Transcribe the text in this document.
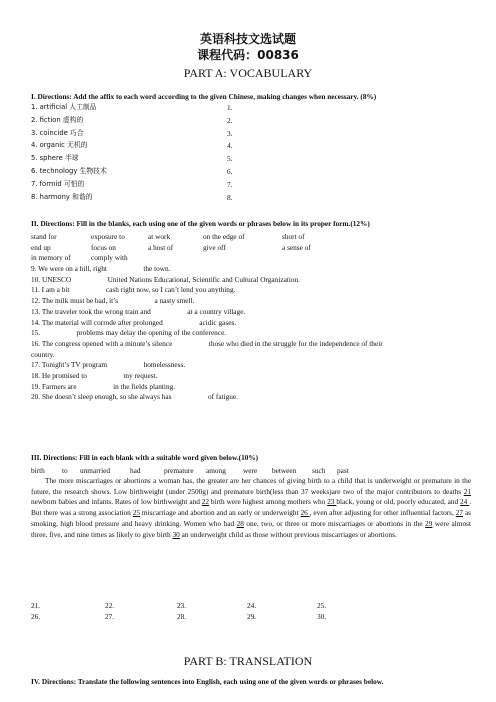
英语科技文选试题
课程代码：00836
PART A: VOCABULARY
I. Directions: Add the affix to each word according to the given Chinese, making changes when necessary. (8%)
1. artificial 人工制品	1.
2. fiction 虚构的	2.
3. coincide 巧合	3.
4. organic 无机的	4.
5. sphere 半球	5.
6. technology 生物技术	6.
7. formid 可怕的	7.
8. harmony 和谐的	8.
II. Directions: Fill in the blanks, each using one of the given words or phrases below in its proper form.(12%)
stand for	exposure to	at work	on the edge of	short of
end up	focus on	a host of	give off	a sense of
in memory of	comply with
9. We were on a hill, right                    the town.
10. UNESCO                    United Nations Educational, Scientific and Cultural Organization.
11. I am a bit                    cash right now, so I can’t lend you anything.
12. The milk must be bad, it’s                    a nasty smell.
13. The traveler took the wrong train and                    at a country village.
14. The material will corrode after prolonged                    acidic gases.
15.                    problems may delay the opening of the conference.
16. The congress opened with a minute’s silence                    those who died in the struggle for the independence of their
country.
17. Tonight’s TV program                    homelessness.
18. He promised to                    my request.
19. Farmers are                    in the fields planting.
20. She doesn’t sleep enough, so she always has                    of fatigue.
III. Directions: Fill in each blank with a suitable word given below.(10%)
birth to unmarried	had	premature among were between such past
The more miscarriages or abortions a woman has, the greater are her chances of giving birth to a child that is underweight or premature in the future, the research shows. Low birthweight (under 2500g) and premature birth(less than 37 weeks)are two of the major contributors to deaths 21 newborn babies and infants. Rates of low birthweight and 22 birth were highest among mothers who 23 black, young or old, poorly educated, and 24 . But there was a strong association 25 miscarriage and abortion and an early or underweight 26 , even after adjusting for other influential factors, 27 as smoking, high blood pressure and heavy drinking. Women who had 28 one, two, or three or more miscarriages or abortions in the 29 were almost three, five, and nine times as likely to give birth 30 an underweight child as those without previous miscarriages or abortions.
21.	22.	23.	24.	25.
26.	27.	28.	29.	30.
PART B: TRANSLATION
IV. Directions: Translate the following sentences into English, each using one of the given words or phrases below.
